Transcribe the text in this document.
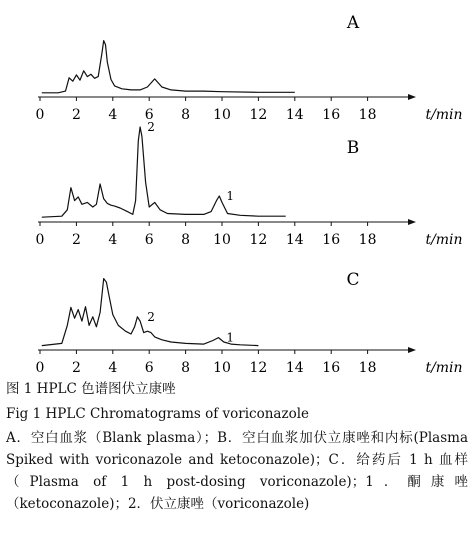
0 2 4 6 8 10 12 14 16 18	t/min
A
0 2 4 6 8 10 12 14 16 18	t/min
B
2
1
0 2 4 6 8 10 12 14 16 18	t/min
C
2
1

图 1 HPLC 色谱图伏立康唑

Fig 1 HPLC Chromatograms of voriconazole

A．空白血浆（Blank plasma）；B．空白血浆加伏立康唑和内标(Plasma Spiked with voriconazole and ketoconazole)；C．给药后 1 h 血样（Plasma of 1 h post-dosing voriconazole)；1．酮康唑（ketoconazole)；2．伏立康唑（voriconazole)
